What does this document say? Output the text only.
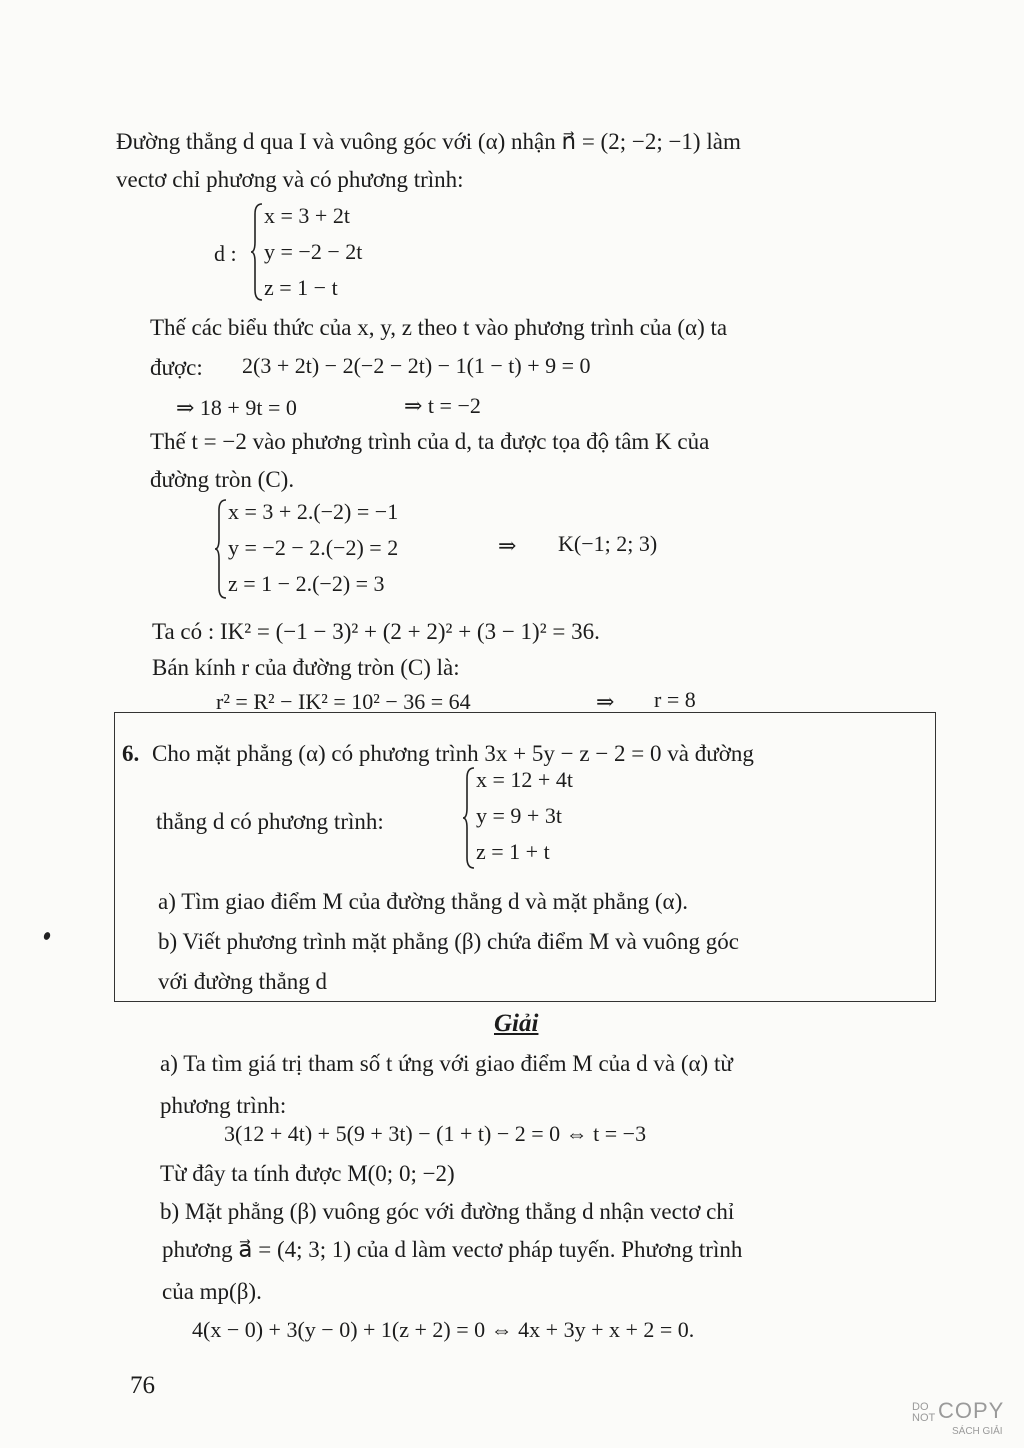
Đường thẳng d qua I và vuông góc với (α) nhận n⃗ = (2; −2; −1) làm
vectơ chỉ phương và có phương trình:
d :
x = 3 + 2t
y = −2 − 2t
z = 1 − t
Thế các biểu thức của x, y, z theo t vào phương trình của (α) ta
được: 2(3 + 2t) − 2(−2 − 2t) − 1(1 − t) + 9 = 0
⇒ 18 + 9t = 0	⇒ t = −2
Thế t = −2 vào phương trình của d, ta được tọa độ tâm K của
đường tròn (C).
x = 3 + 2.(−2) = −1
y = −2 − 2.(−2) = 2
z = 1 − 2.(−2) = 3
⇒ K(−1; 2; 3)
Ta có : IK² = (−1 − 3)² + (2 + 2)² + (3 − 1)² = 36.
Bán kính r của đường tròn (C) là:
r² = R² − IK² = 10² − 36 = 64	⇒ r = 8
6. Cho mặt phẳng (α) có phương trình 3x + 5y − z − 2 = 0 và đường
thẳng d có phương trình:
x = 12 + 4t
y = 9 + 3t
z = 1 + t
a) Tìm giao điểm M của đường thẳng d và mặt phẳng (α).
b) Viết phương trình mặt phẳng (β) chứa điểm M và vuông góc
với đường thẳng d
Giải
a) Ta tìm giá trị tham số t ứng với giao điểm M của d và (α) từ
phương trình:
3(12 + 4t) + 5(9 + 3t) − (1 + t) − 2 = 0 ⇔ t = −3
Từ đây ta tính được M(0; 0; −2)
b) Mặt phẳng (β) vuông góc với đường thẳng d nhận vectơ chỉ
phương a⃗ = (4; 3; 1) của d làm vectơ pháp tuyến. Phương trình
của mp(β).
4(x − 0) + 3(y − 0) + 1(z + 2) = 0 ⇔ 4x + 3y + x + 2 = 0.
76
DO NOT COPY
SÁCH GIẢI
